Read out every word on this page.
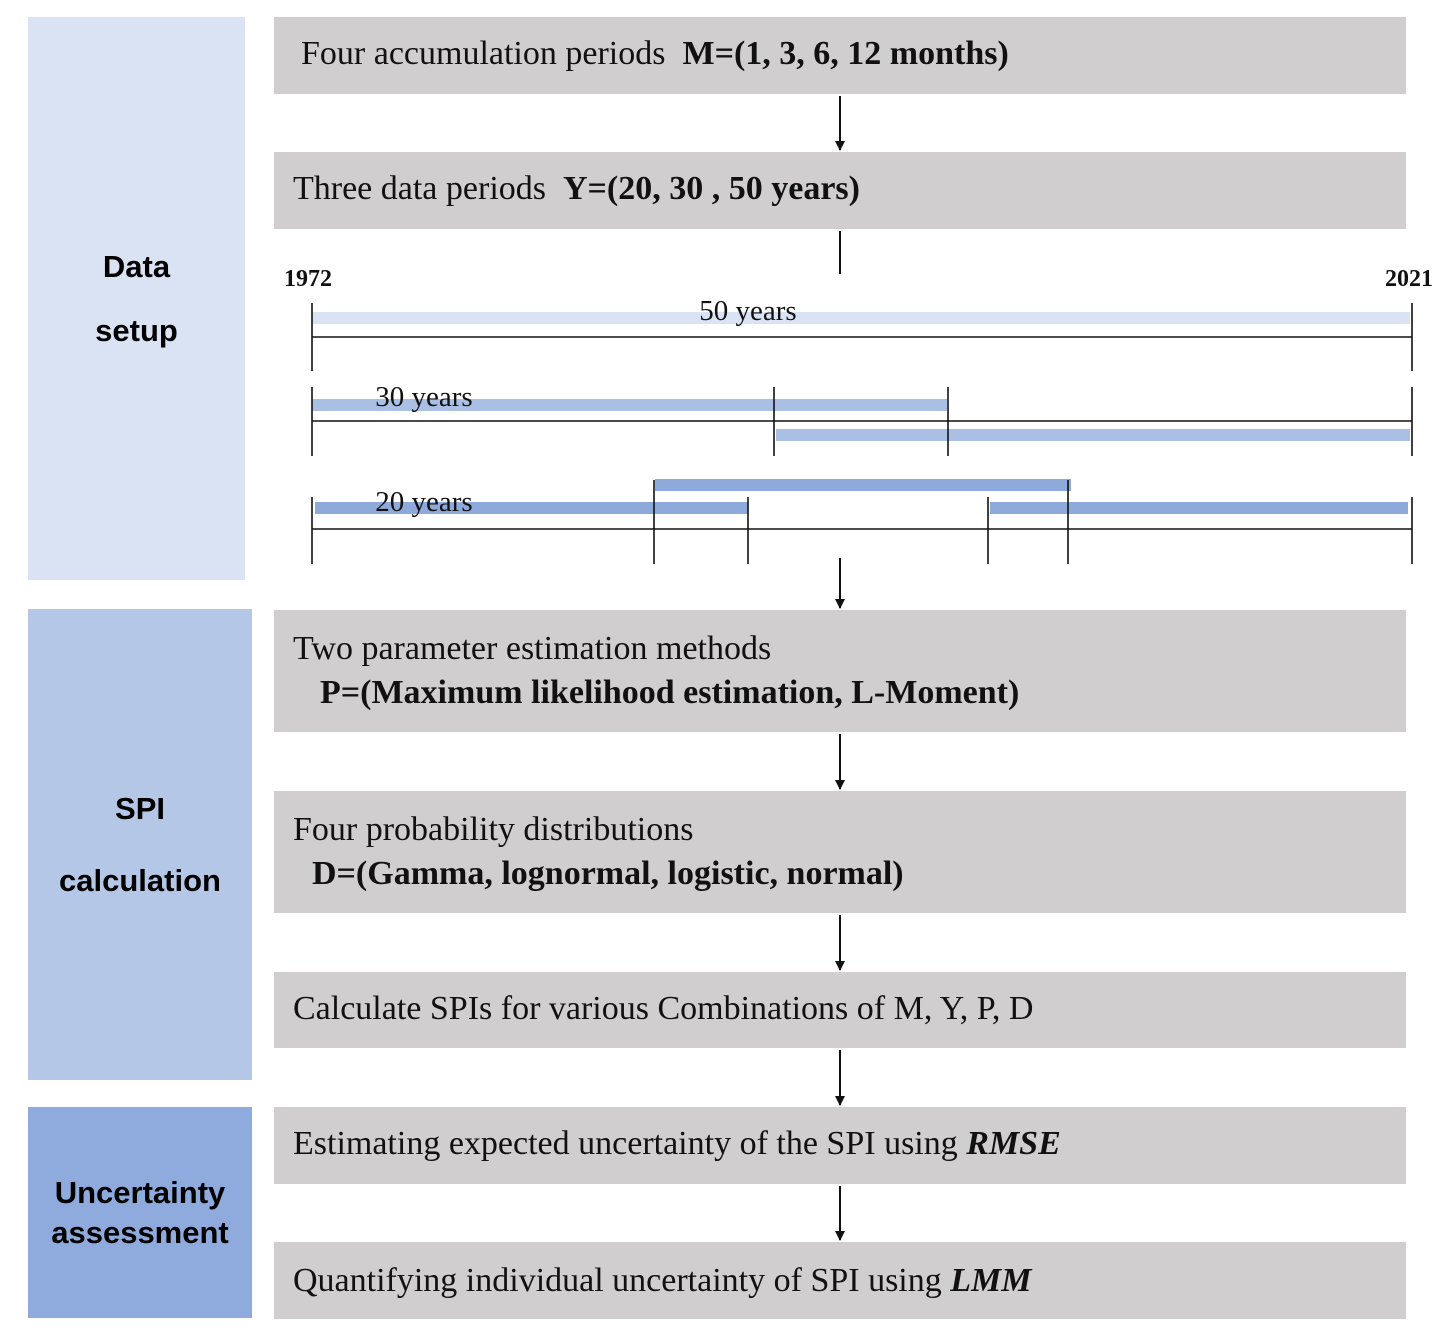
Data
setup
SPI
calculation
Uncertainty
assessment
Four accumulation periods M=(1, 3, 6, 12 months)
Three data periods Y=(20, 30 , 50 years)
Two parameter estimation methods
P=(Maximum likelihood estimation, L-Moment)
Four probability distributions
D=(Gamma, lognormal, logistic, normal)
Calculate SPIs for various Combinations of M, Y, P, D
Estimating expected uncertainty of the SPI using RMSE
Quantifying individual uncertainty of SPI using LMM
1972	2021
50 years
30 years
20 years
